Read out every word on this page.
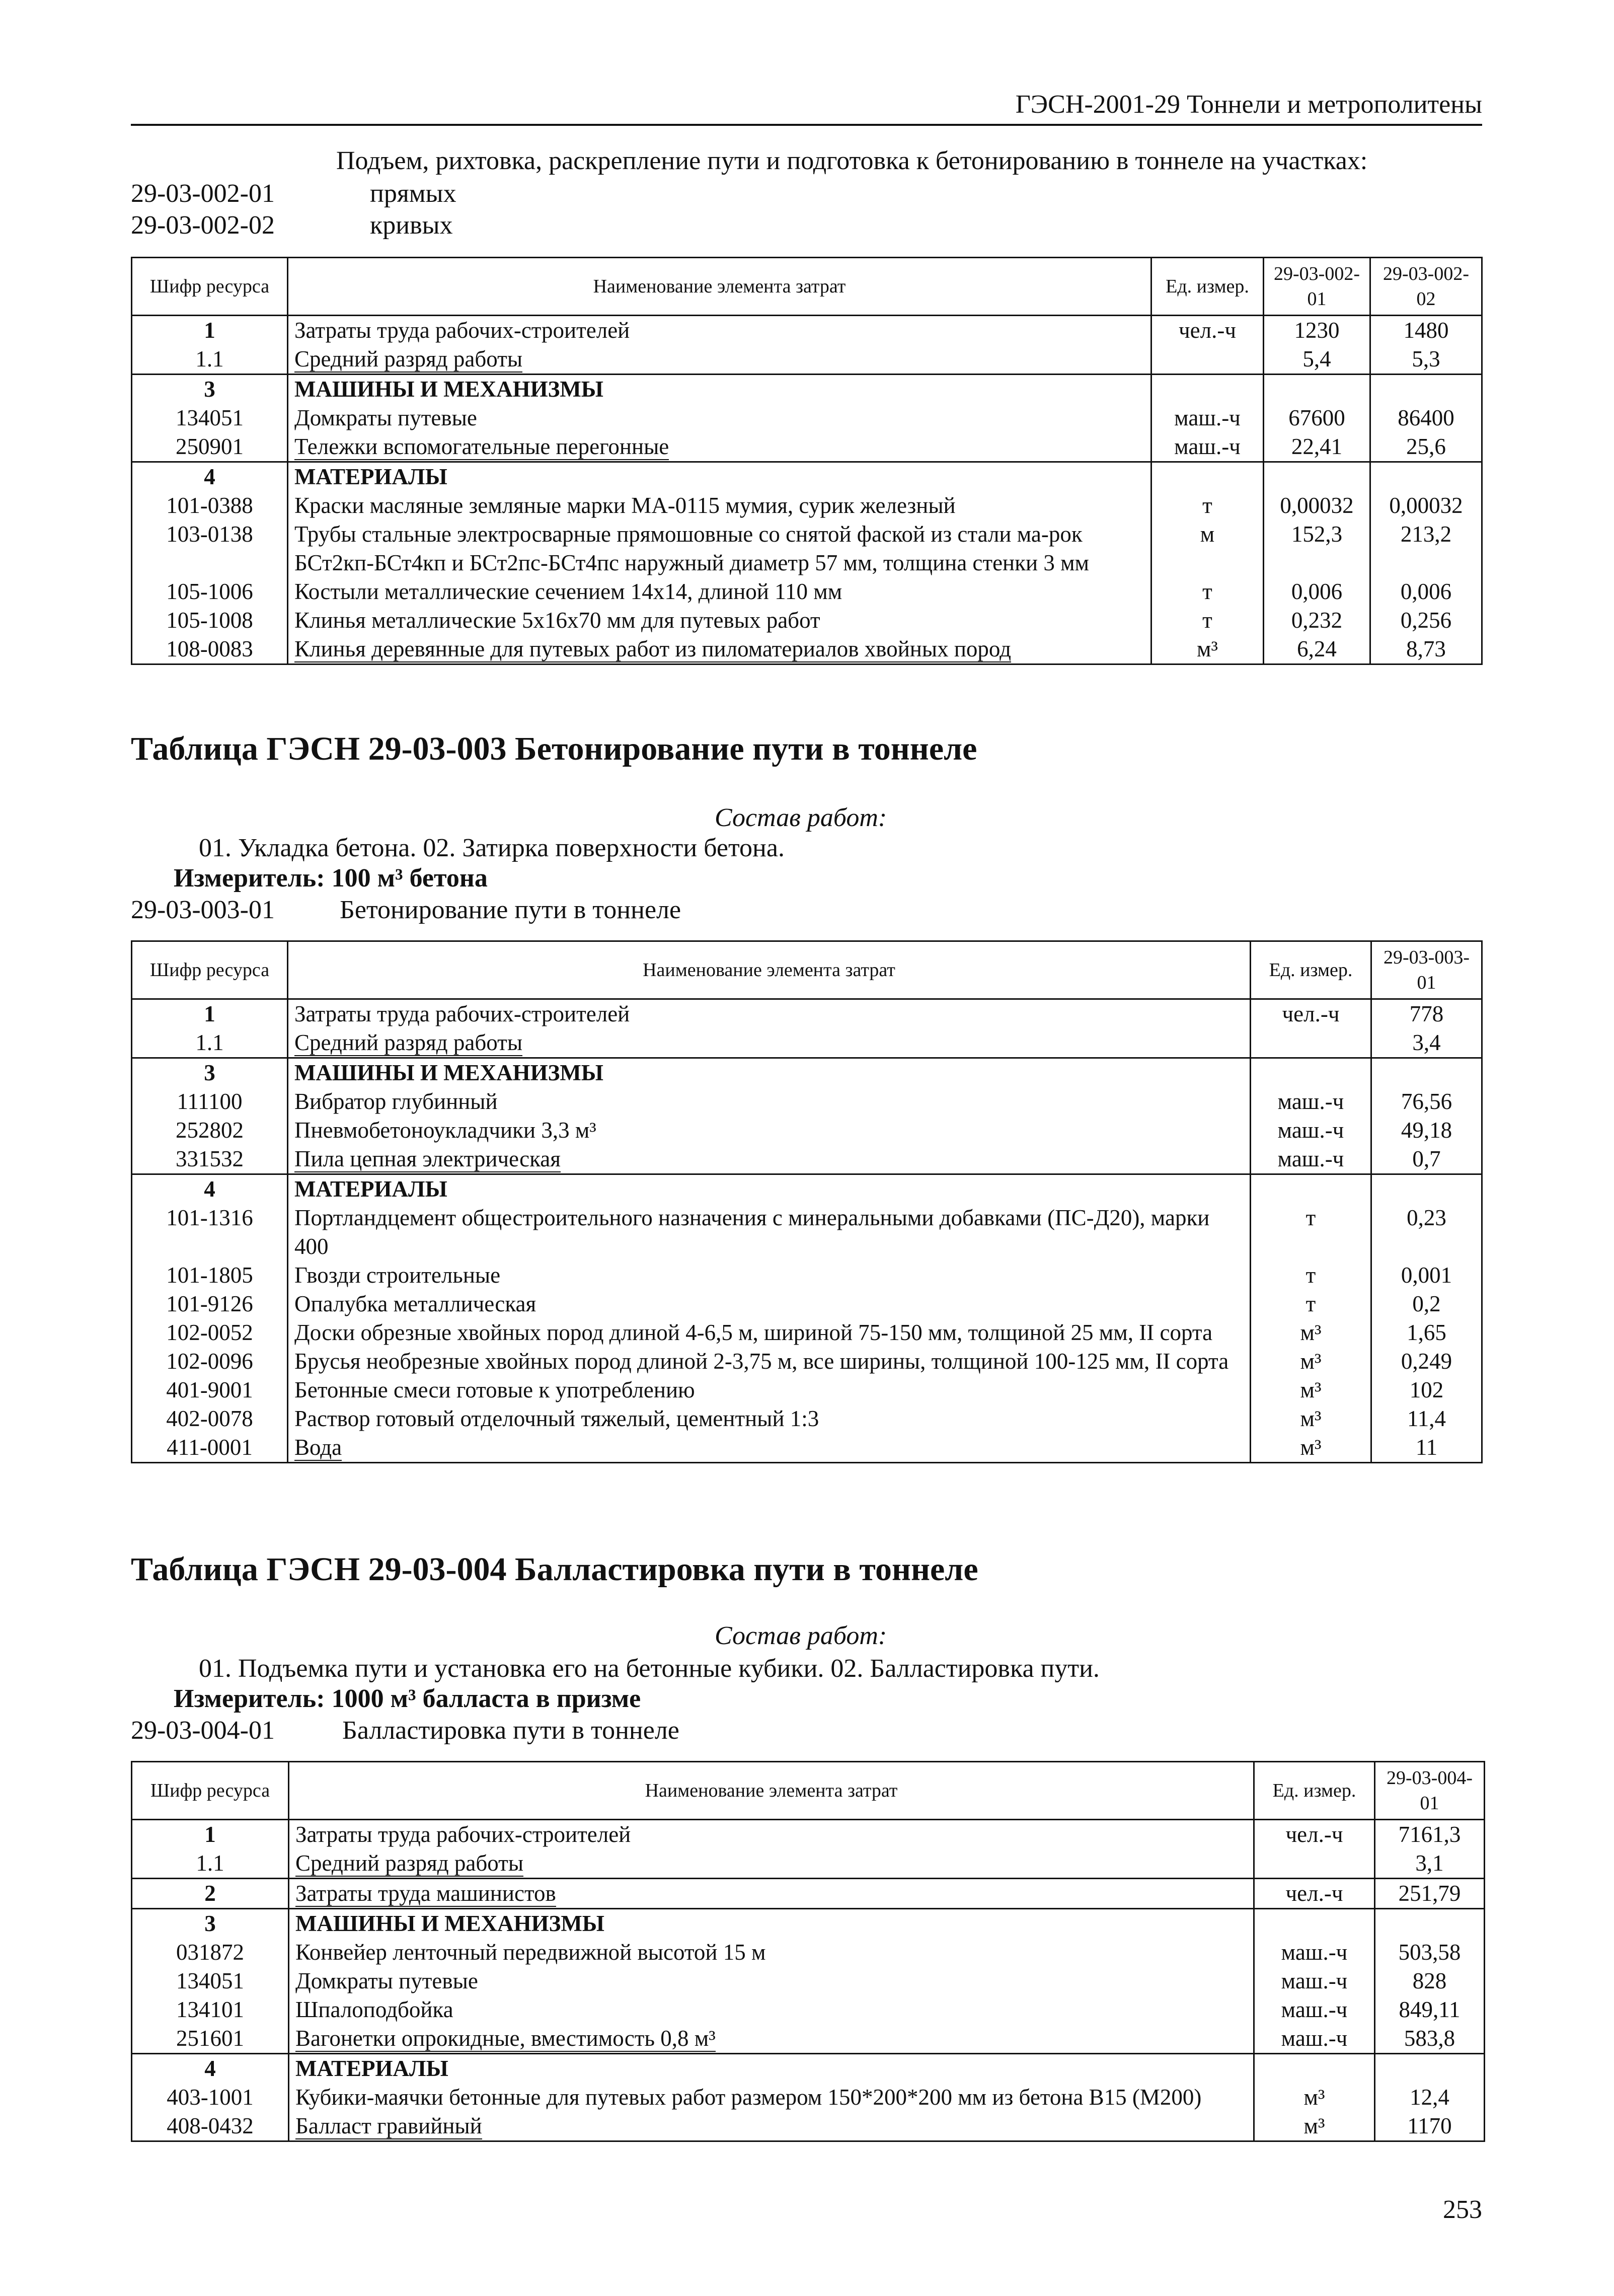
ГЭСН-2001-29 Тоннели и метрополитены
Подъем, рихтовка, раскрепление пути и подготовка к бетонированию в тоннеле на участках:
29-03-002-01	прямых
29-03-002-02	кривых
Шифр ресурса	Наименование элемента затрат	Ед. измер.	29-03-002-01	29-03-002-02
1	Затраты труда рабочих-строителей	чел.-ч	1230	1480
1.1	Средний разряд работы		5,4	5,3
3	МАШИНЫ И МЕХАНИЗМЫ			
134051	Домкраты путевые	маш.-ч	67600	86400
250901	Тележки вспомогательные перегонные	маш.-ч	22,41	25,6
4	МАТЕРИАЛЫ			
101-0388	Краски масляные земляные марки МА-0115 мумия, сурик железный	т	0,00032	0,00032
103-0138	Трубы стальные электросварные прямошовные со снятой фаской из стали ма-рок БСт2кп-БСт4кп и БСт2пс-БСт4пс наружный диаметр 57 мм, толщина стенки 3 мм	м	152,3	213,2
105-1006	Костыли металлические сечением 14х14, длиной 110 мм	т	0,006	0,006
105-1008	Клинья металлические 5х16х70 мм для путевых работ	т	0,232	0,256
108-0083	Клинья деревянные для путевых работ из пиломатериалов хвойных пород	м³	6,24	8,73
Таблица ГЭСН 29-03-003 Бетонирование пути в тоннеле
Состав работ:
01. Укладка бетона. 02. Затирка поверхности бетона.
Измеритель: 100 м³ бетона
29-03-003-01 Бетонирование пути в тоннеле
Шифр ресурса	Наименование элемента затрат	Ед. измер.	29-03-003-01
1	Затраты труда рабочих-строителей	чел.-ч	778
1.1	Средний разряд работы		3,4
3	МАШИНЫ И МЕХАНИЗМЫ		
111100	Вибратор глубинный	маш.-ч	76,56
252802	Пневмобетоноукладчики 3,3 м³	маш.-ч	49,18
331532	Пила цепная электрическая	маш.-ч	0,7
4	МАТЕРИАЛЫ		
101-1316	Портландцемент общестроительного назначения с минеральными добавками (ПС-Д20), марки 400	т	0,23
101-1805	Гвозди строительные	т	0,001
101-9126	Опалубка металлическая	т	0,2
102-0052	Доски обрезные хвойных пород длиной 4-6,5 м, шириной 75-150 мм, толщиной 25 мм, II сорта	м³	1,65
102-0096	Брусья необрезные хвойных пород длиной 2-3,75 м, все ширины, толщиной 100-125 мм, II сорта	м³	0,249
401-9001	Бетонные смеси готовые к употреблению	м³	102
402-0078	Раствор готовый отделочный тяжелый, цементный 1:3	м³	11,4
411-0001	Вода	м³	11
Таблица ГЭСН 29-03-004 Балластировка пути в тоннеле
Состав работ:
01. Подъемка пути и установка его на бетонные кубики. 02. Балластировка пути.
Измеритель: 1000 м³ балласта в призме
29-03-004-01	Балластировка пути в тоннеле
Шифр ресурса	Наименование элемента затрат	Ед. измер.	29-03-004-01
1	Затраты труда рабочих-строителей	чел.-ч	7161,3
1.1	Средний разряд работы		3,1
2	Затраты труда машинистов	чел.-ч	251,79
3	МАШИНЫ И МЕХАНИЗМЫ		
031872	Конвейер ленточный передвижной высотой 15 м	маш.-ч	503,58
134051	Домкраты путевые	маш.-ч	828
134101	Шпалоподбойка	маш.-ч	849,11
251601	Вагонетки опрокидные, вместимость 0,8 м³	маш.-ч	583,8
4	МАТЕРИАЛЫ		
403-1001	Кубики-маячки бетонные для путевых работ размером 150*200*200 мм из бетона В15 (М200)	м³	12,4
408-0432	Балласт гравийный	м³	1170
253
